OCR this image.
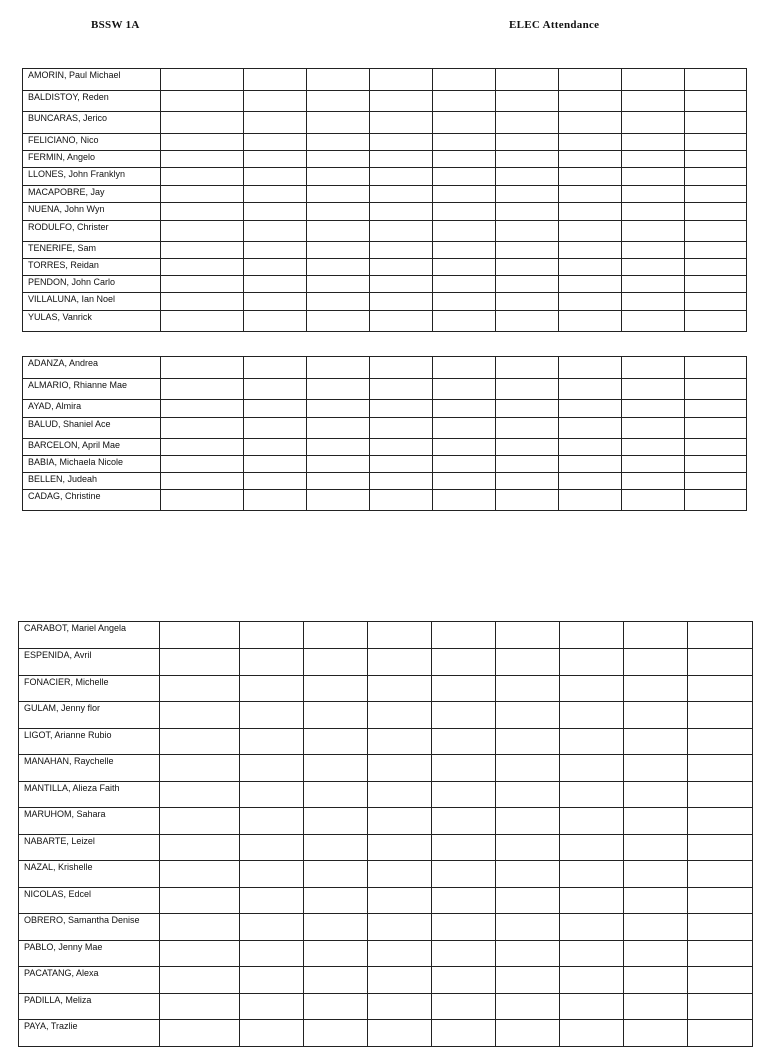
BSSW 1A	ELEC Attendance
AMORIN, Paul Michael									
BALDISTOY, Reden									
BUNCARAS, Jerico									
FELICIANO, Nico									
FERMIN, Angelo									
LLONES, John Franklyn									
MACAPOBRE, Jay									
NUENA, John Wyn									
RODULFO, Christer									
TENERIFE, Sam									
TORRES, Reidan									
PENDON, John Carlo									
VILLALUNA, Ian Noel									
YULAS, Vanrick									
ADANZA, Andrea									
ALMARIO, Rhianne Mae									
AYAD, Almira									
BALUD, Shaniel Ace									
BARCELON, April Mae									
BABIA, Michaela Nicole									
BELLEN, Judeah									
CADAG, Christine									
CARABOT, Mariel Angela									
ESPENIDA, Avril									
FONACIER, Michelle									
GULAM, Jenny flor									
LIGOT, Arianne Rubio									
MANAHAN, Raychelle									
MANTILLA, Alieza Faith									
MARUHOM, Sahara									
NABARTE, Leizel									
NAZAL, Krishelle									
NICOLAS, Edcel									
OBRERO, Samantha Denise									
PABLO, Jenny Mae									
PACATANG, Alexa									
PADILLA, Meliza									
PAYA, Trazlie									
